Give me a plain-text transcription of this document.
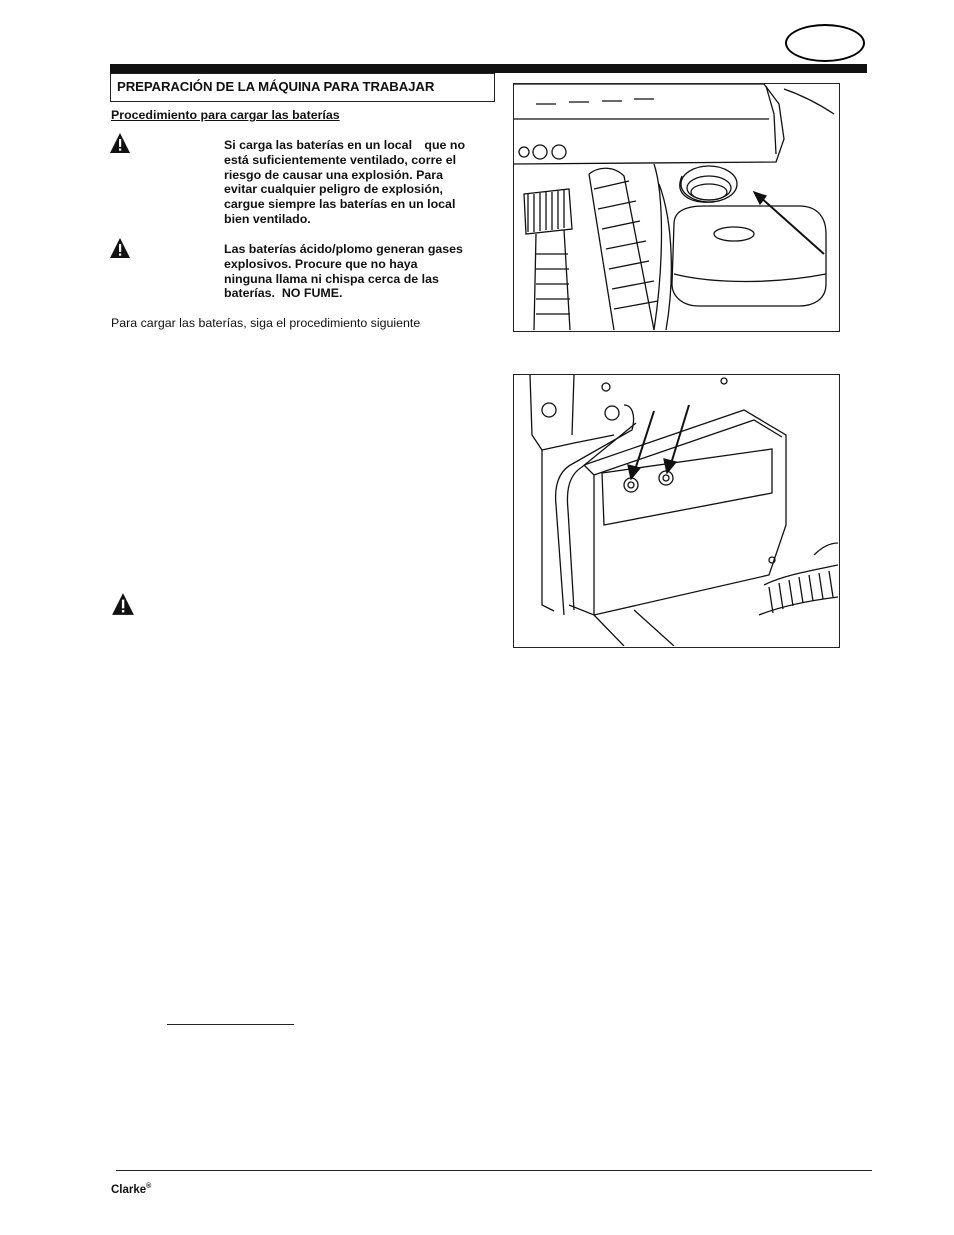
PREPARACIÓN DE LA MÁQUINA PARA TRABAJAR
Procedimiento para cargar las baterías
Si carga las baterías en un local que no
está suficientemente ventilado, corre el
riesgo de causar una explosión. Para
evitar cualquier peligro de explosión,
cargue siempre las baterías en un local
bien ventilado.
Las baterías ácido/plomo generan gases
explosivos. Procure que no haya
ninguna llama ni chispa cerca de las
baterías.  NO FUME.
Para cargar las baterías, siga el procedimiento siguiente
Clarke®
